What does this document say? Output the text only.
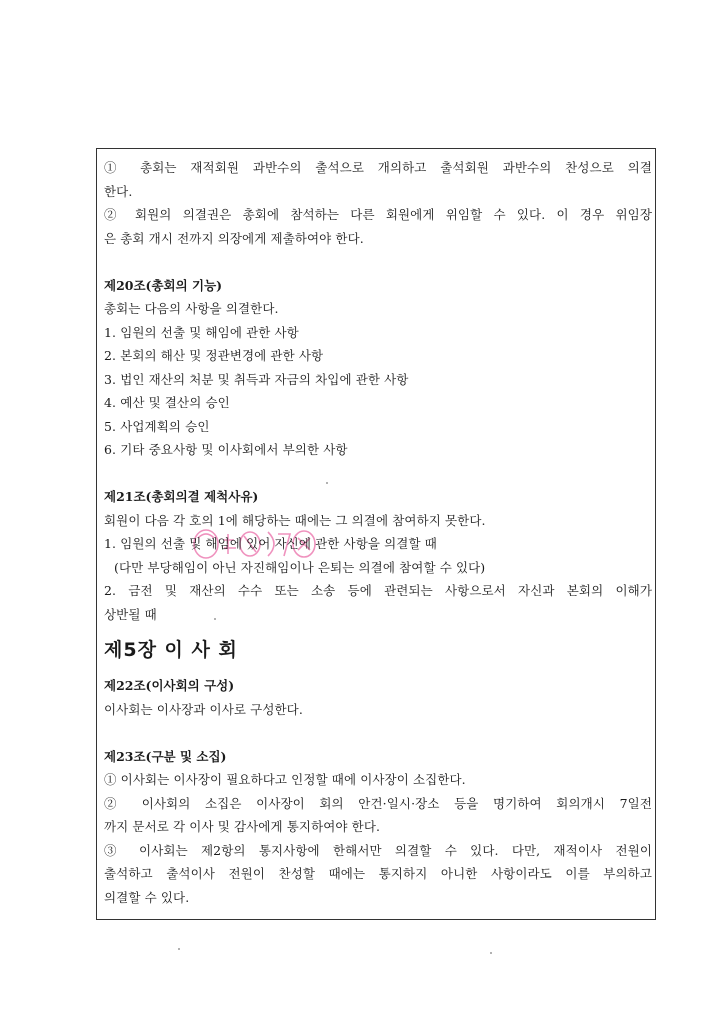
① 총회는 재적회원 과반수의 출석으로 개의하고 출석회원 과반수의 찬성으로 의결
한다.
② 회원의 의결권은 총회에 참석하는 다른 회원에게 위임할 수 있다. 이 경우 위임장
은 총회 개시 전까지 의장에게 제출하여야 한다.
제20조(총회의 기능)
총회는 다음의 사항을 의결한다.
1. 임원의 선출 및 해임에 관한 사항
2. 본회의 해산 및 정관변경에 관한 사항
3. 법인 재산의 처분 및 취득과 자금의 차입에 관한 사항
4. 예산 및 결산의 승인
5. 사업계획의 승인
6. 기타 중요사항 및 이사회에서 부의한 사항
제21조(총회의결 제척사유)
회원이 다음 각 호의 1에 해당하는 때에는 그 의결에 참여하지 못한다.
1. 임원의 선출 및 해임에 있어 자신에 관한 사항을 의결할 때
(다만 부당해임이 아닌 자진해임이나 은퇴는 의결에 참여할 수 있다)
2. 금전 및 재산의 수수 또는 소송 등에 관련되는 사항으로서 자신과 본회의 이해가
상반될 때
제5장 이 사 회
제22조(이사회의 구성)
이사회는 이사장과 이사로 구성한다.
제23조(구분 및 소집)
① 이사회는 이사장이 필요하다고 인정할 때에 이사장이 소집한다.
② 이사회의 소집은 이사장이 회의 안건·일시·장소 등을 명기하여 회의개시 7일전
까지 문서로 각 이사 및 감사에게 통지하여야 한다.
③ 이사회는 제2항의 통지사항에 한해서만 의결할 수 있다. 다만, 재적이사 전원이
출석하고 출석이사 전원이 찬성할 때에는 통지하지 아니한 사항이라도 이를 부의하고
의결할 수 있다.
